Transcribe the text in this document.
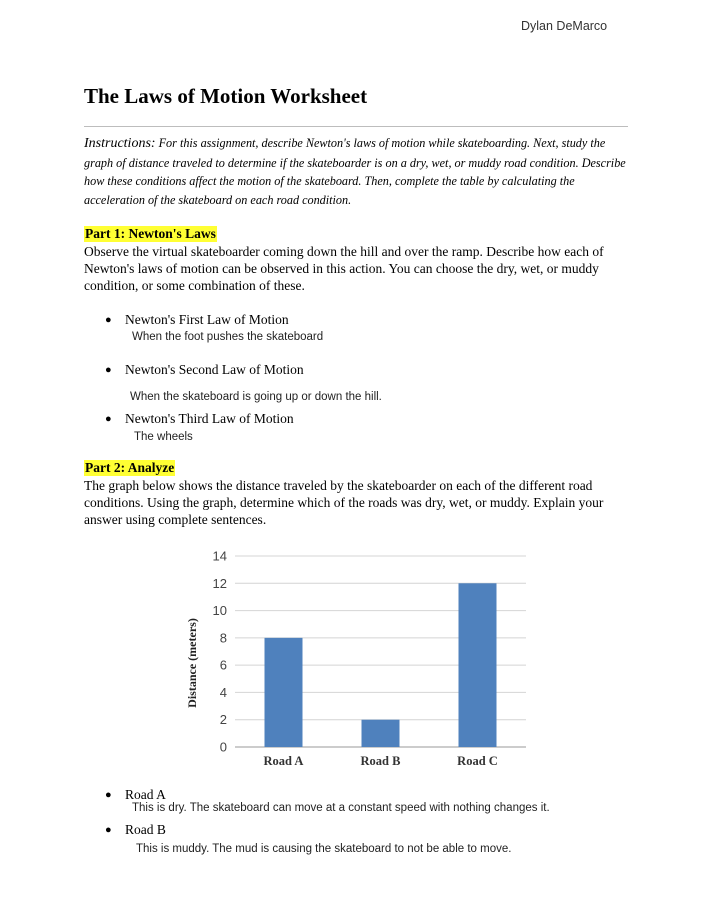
Dylan DeMarco
The Laws of Motion Worksheet
Instructions: For this assignment, describe Newton's laws of motion while skateboarding. Next, study the graph of distance traveled to determine if the skateboarder is on a dry, wet, or muddy road condition. Describe how these conditions affect the motion of the skateboard. Then, complete the table by calculating the acceleration of the skateboard on each road condition.
Part 1: Newton's Laws
Observe the virtual skateboarder coming down the hill and over the ramp. Describe how each of Newton's laws of motion can be observed in this action. You can choose the dry, wet, or muddy condition, or some combination of these.
● Newton's First Law of Motion
When the foot pushes the skateboard
● Newton's Second Law of Motion
When the skateboard is going up or down the hill.
● Newton's Third Law of Motion
The wheels
Part 2: Analyze
The graph below shows the distance traveled by the skateboarder on each of the different road conditions. Using the graph, determine which of the roads was dry, wet, or muddy. Explain your answer using complete sentences.
0
2
4
6
8
10
12
14
Road A	Road B	Road C
Distance (meters)
● Road A
This is dry. The skateboard can move at a constant speed with nothing changes it.
● Road B
This is muddy. The mud is causing the skateboard to not be able to move.
